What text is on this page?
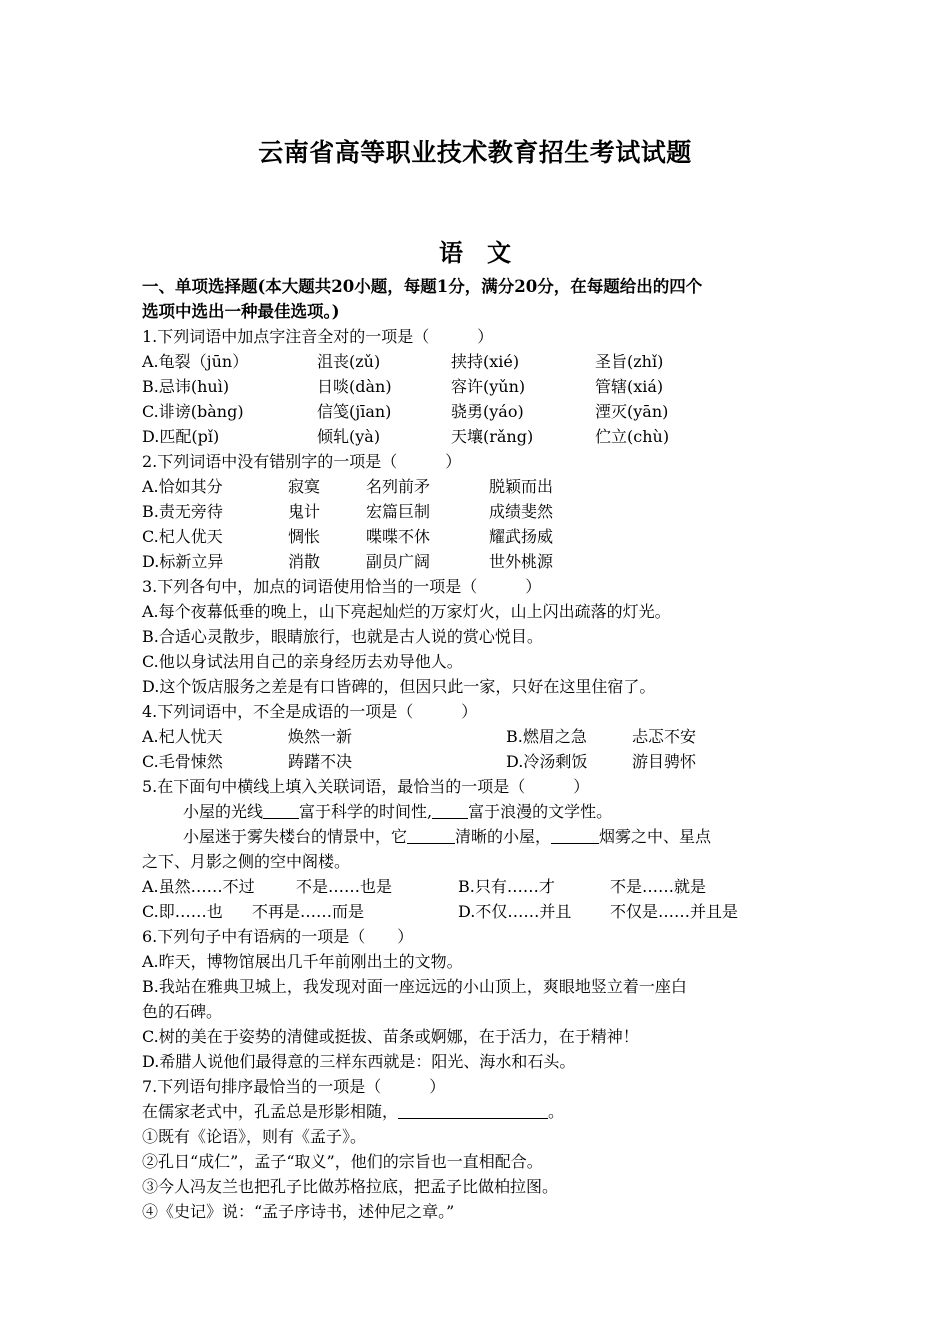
云南省高等职业技术教育招生考试试题
语　文
一、单项选择题(本大题共20小题，每题1分，满分20分，在每题给出的四个
选项中选出一种最佳选项。)
1.下列词语中加点字注音全对的一项是（　　　）
A.龟裂（jūn）	沮丧(zǔ)	挟持(xié)	圣旨(zhǐ)
B.忌讳(huì)	日啖(dàn)	容许(yǔn)	管辖(xiá)
C.诽谤(bàng)	信笺(jīan)	骁勇(yáo)	湮灭(yān)
D.匹配(pǐ)	倾轧(yà)	天壤(rǎng)	伫立(chù)
2.下列词语中没有错别字的一项是（　　　）
A.恰如其分	寂寞	名列前矛	脱颖而出
B.责无旁待	鬼计	宏篇巨制	成绩斐然
C.杞人优天	惆怅	喋喋不休	耀武扬威
D.标新立异	消散	副员广阔	世外桃源
3.下列各句中，加点的词语使用恰当的一项是（　　　）
A.每个夜幕低垂的晚上，山下亮起灿烂的万家灯火，山上闪出疏落的灯光。
B.合适心灵散步，眼睛旅行，也就是古人说的赏心悦目。
C.他以身试法用自己的亲身经历去劝导他人。
D.这个饭店服务之差是有口皆碑的，但因只此一家，只好在这里住宿了。
4.下列词语中，不全是成语的一项是（　　　）
A.杞人忧天	焕然一新	B.燃眉之急	忐忑不安
C.毛骨悚然	踌躇不决	D.冷汤剩饭	游目骋怀
5.在下面句中横线上填入关联词语，最恰当的一项是（　　　）
小屋的光线 富于科学的时间性, 富于浪漫的文学性。
小屋迷于雾失楼台的情景中，它	清晰的小屋，	烟雾之中、星点
之下、月影之侧的空中阁楼。
A.虽然……不过	不是……也是	B.只有……才	不是……就是
C.即……也 不再是……而是	D.不仅……并且 不仅是……并且是
6.下列句子中有语病的一项是（　　）
A.昨天，博物馆展出几千年前刚出土的文物。
B.我站在雅典卫城上，我发现对面一座远远的小山顶上，爽眼地竖立着一座白
色的石碑。
C.树的美在于姿势的清健或挺拔、苗条或婀娜，在于活力，在于精神！
D.希腊人说他们最得意的三样东西就是：阳光、海水和石头。
7.下列语句排序最恰当的一项是（　　　）
在儒家老式中，孔孟总是形影相随，	。
①既有《论语》，则有《孟子》。
②孔日“成仁”，孟子“取义”，他们的宗旨也一直相配合。
③今人冯友兰也把孔子比做苏格拉底，把孟子比做柏拉图。
④《史记》说：“孟子序诗书，述仲尼之章。”
